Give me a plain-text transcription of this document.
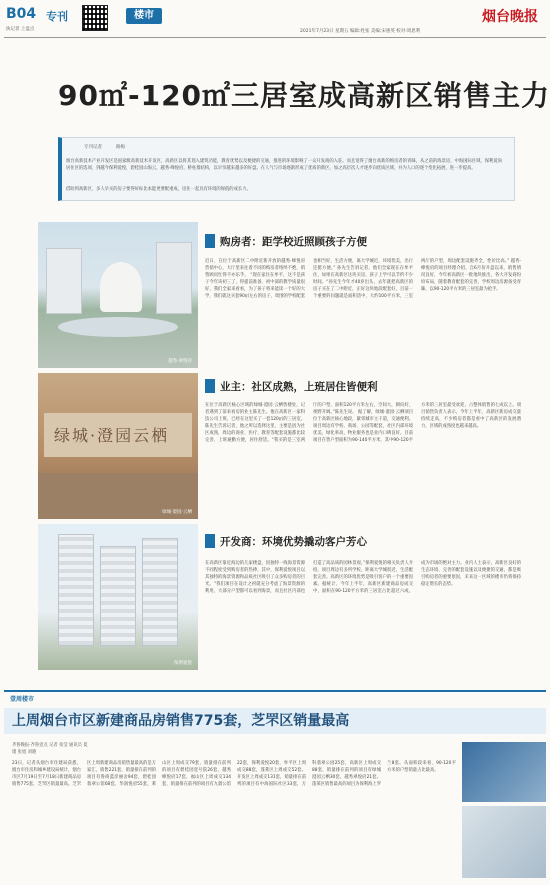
B04 专刊
执记者 上盘点
楼市	烟台晚报
2021年7月23日 星期五 编辑:姓张 美编:宋惠英 校对:周恩利
90㎡-120㎡三居室成高新区销售主力
专刊记者	路梅
烟台高新技术产业开发区是国家级高新技术开发区，高新区以将其划入建筑功能，教育优势以及便捷的交通，推进的环境影响了一众开发商的入驻。而且宽得了烟台高新的购房者的青睐，从之前的海景房，中海国际区域，保利爱尚居住区的选项，到越今保利爱悦，碧桂园山海云，越秀·峰悦府，桥柱墙结构，以早享越来越多的好盘。在人气与市场逐渐形成了优质的新区，加之高层次人才逐步向优质区域，并为人口的逐个变化拓展，进一步提高。
借助到高新区，多人早买的房子要得好标比本能更要配重成，房住一起具有环境的保值的成长力。
越秀·翠悦府
绿城·澄园云栖
绿城·澄园·云栖
保利爱悦
购房者：距学校近照顾孩子方便
近日，在位于高新区二中附近新开放的越秀·峰悦府营销中心，大厅里来往着不同的购房者络绎不绝，销售顾问忙得不亦乐乎。 “现在家住在牟平，这不是孩子今年该初三了，得提前准备，初中部的教学质量很好，我们全家来看看，为了孩子将来能读一个好的大学，我们就这买套90㎡左右的房子，周围的学校配套也相当好，生活方便，离大学城近，环境优美，出行还挺方便。” 孙先生告诉记者，他们全家现在在牟平住，如果在高新区这块买房，孩子上学可以节约不少时间。“孙先生今年才40岁出头，去年就把高新区的房子买在了二中附近，正好这块地段配套好，目前一个重要的问题就是面积适中，大约100平方米，三室两厅的户型，周边配套设施齐全，性价比高。” 越秀·峰悦府的项目经理介绍，自6月份开盘以来，销售情况良好，今年初高新区一批地块推出，各大开发商纷纷布局，随着教育配套的完善，学校周边房源备受青睐，以90-120平方米的三居室最为抢手。
业主：社区成熟，上班居住皆便利
在位于高新区核心区域的绿城·澄园·云栖售楼处，记者遇到了前来看房的业主陈先生。他在高新区一家科技公司上班，已经在这里买了一套120㎡的三居室。陈先生告诉记者，他之所以选择这里，主要是因为社区成熟，周边的商业、医疗、教育等配套设施都比较完善，上班通勤方便，居住舒适。“我买的是三室两厅的户型，面积120平方米左右，空间大，朝向好，视野开阔。”陈先生说。 据了解，绿城·澄园·云栖项目位于高新区核心地段，紧邻城市主干道，交通便利。项目周边有学校、商场、公园等配套，社区内部环境优美，绿化率高，物业服务也是业内口碑良好。目前项目在售户型面积为90-140平方米，其中90-120平方米的三居室最受欢迎，占整体销售的七成以上。项目销售负责人表示，今年上半年，高新区新房成交量持续走高，不少购房者都是看中了高新区的发展潜力，区域的成熟度也越来越高。
开发商：环境优势撬动客户芳心
在高新区靠近海边的几家楼盘，因独特一线海景资源不同程度受到购房者的热捧，其中，保利爱悦项目以其独特的海景资源和品质社区吸引了众多购房者的目光。“我们项目在设计之初就充分考虑了海景资源的利用，大部分户型都可以看到海景，而且社区内部也打造了高品质的园林景观。”保利爱悦的相关负责人介绍，项目周边有多所学校，距离大学城很近，生活配套完善。高新区的环境优势是吸引客户的一个重要因素。据统计，今年上半年，高新区新建商品房成交中，面积在90-120平方米的三居室占比超过六成，成为市场的绝对主力。业内人士表示，高新区良好的生态环境、完善的配套设施以及便捷的交通，都是吸引购房者的重要原因，未来这一区域的楼市仍将保持稳定增长的态势。
壹周楼市
上周烟台市区新建商品房销售775套，芝罘区销量最高
齐鲁晚报·齐鲁壹点 记者 张莹 通讯员 夏瑾 张旭 刘晓
23日，记者从烟台市住建局获悉，烟台市住房和城乡建设局统计，烟台市区7月19日至7月18日新建商品房销售775套，芝罘区销量最高。芝罘区上周新建商品房销售量最高的是万家汇，销售221套，销量排在前列的项目有鲁商蓝岸丽舍94套，碧桂园翡翠公馆68套，华润悦府55套，莱山区上周成交79套，销量排在前列的项目有碧桂园壹号院26套，越秀峰悦府17套，福山区上周成交134套，销量排在前列的项目有九鼎公馆22套，保利爱悦20套，牟平区上周成交88套，蓬莱区上周成交52套。开发区上周成交131套，销量排在前列的项目有中海国际社区33套，万科翡翠公园25套，高新区上周成交88套，销量排在前列的项目有绿城澄园云栖30套，越秀翠悦府21套。蓬莱区销售最高的项目为保利海上罗兰8套。从面积段来看，90-120平方米的户型销量占比最高。
